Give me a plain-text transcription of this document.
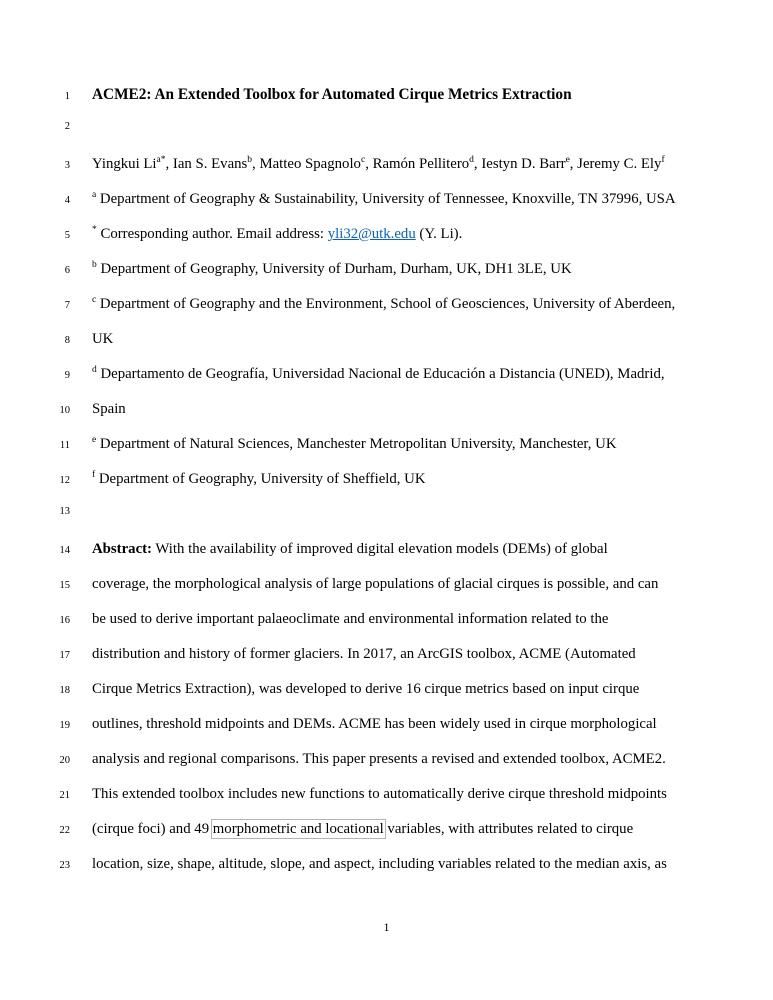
1	ACME2: An Extended Toolbox for Automated Cirque Metrics Extraction
2
3	Yingkui $Li^{a*}$, Ian S. Evans$^b$, Matteo Spagnolo$^c$, Ramón Pellitero$^d$, Iestyn D. Barr$^e$, Jeremy C. Ely$^f$
4	$^a$ Department of Geography & Sustainability, University of Tennessee, Knoxville, TN 37996, USA
5	* Corresponding author. Email address: yli32@utk.edu (Y. Li).
6	$^b$ Department of Geography, University of Durham, Durham, UK, DH1 3LE, UK
7	$^c$ Department of Geography and the Environment, School of Geosciences, University of Aberdeen,
8	UK
9	$^d$ Departamento de Geografía, Universidad Nacional de Educación a Distancia (UNED), Madrid,
10	Spain
11	$^e$ Department of Natural Sciences, Manchester Metropolitan University, Manchester, UK
12	$^f$ Department of Geography, University of Sheffield, UK
13
14	Abstract: With the availability of improved digital elevation models (DEMs) of global
15	coverage, the morphological analysis of large populations of glacial cirques is possible, and can
16	be used to derive important palaeoclimate and environmental information related to the
17	distribution and history of former glaciers. In 2017, an ArcGIS toolbox, ACME (Automated
18	Cirque Metrics Extraction), was developed to derive 16 cirque metrics based on input cirque
19	outlines, threshold midpoints and DEMs. ACME has been widely used in cirque morphological
20	analysis and regional comparisons. This paper presents a revised and extended toolbox, ACME2.
21	This extended toolbox includes new functions to automatically derive cirque threshold midpoints
22	(cirque foci) and 49 morphometric and locational variables, with attributes related to cirque
23	location, size, shape, altitude, slope, and aspect, including variables related to the median axis, as
1
